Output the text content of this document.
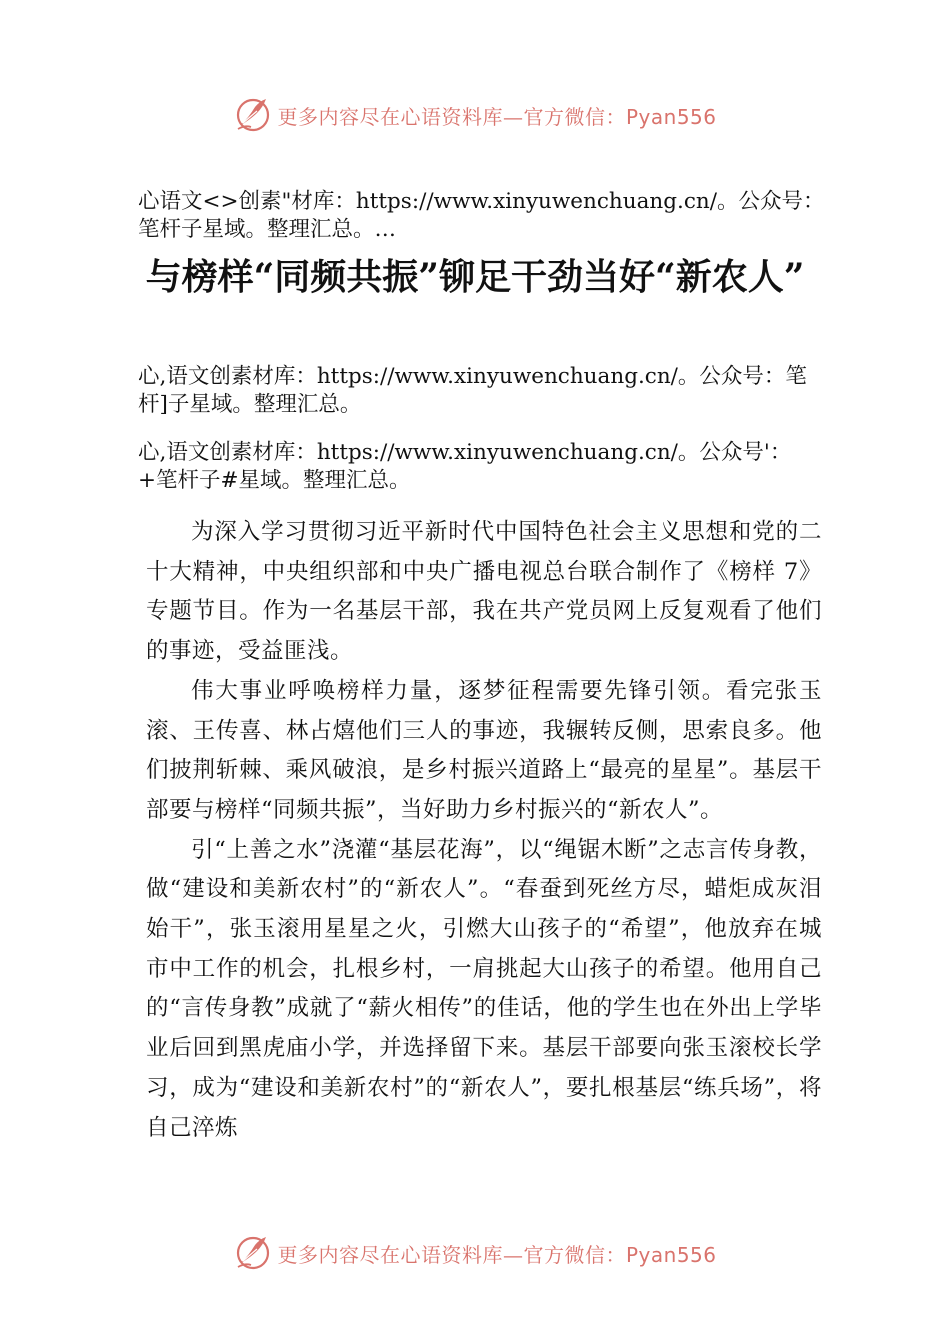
更多内容尽在心语资料库—官方微信：Pyan556
心语文<>创素"材库：https://www.xinyuwenchuang.cn/。公众号：笔杆子星域。整理汇总。…
与榜样“同频共振”铆足干劲当好“新农人”
心,语文创素材库：https://www.xinyuwenchuang.cn/。公众号：笔杆]子星域。整理汇总。
心,语文创素材库：https://www.xinyuwenchuang.cn/。公众号'：+笔杆子#星域。整理汇总。

为深入学习贯彻习近平新时代中国特色社会主义思想和党的二十大精神，中央组织部和中央广播电视总台联合制作了《榜样 7》专题节目。作为一名基层干部，我在共产党员网上反复观看了他们的事迹，受益匪浅。

伟大事业呼唤榜样力量，逐梦征程需要先锋引领。看完张玉滚、王传喜、林占熺他们三人的事迹，我辗转反侧，思索良多。他们披荆斩棘、乘风破浪，是乡村振兴道路上“最亮的星星”。基层干部要与榜样“同频共振”，当好助力乡村振兴的“新农人”。

引“上善之水”浇灌“基层花海”，以“绳锯木断”之志言传身教，做“建设和美新农村”的“新农人”。“春蚕到死丝方尽，蜡炬成灰泪始干”，张玉滚用星星之火，引燃大山孩子的“希望”，他放弃在城市中工作的机会，扎根乡村，一肩挑起大山孩子的希望。他用自己的“言传身教”成就了“薪火相传”的佳话，他的学生也在外出上学毕业后回到黑虎庙小学，并选择留下来。基层干部要向张玉滚校长学习，成为“建设和美新农村”的“新农人”，要扎根基层“练兵场”，将自己淬炼

更多内容尽在心语资料库—官方微信：Pyan556
